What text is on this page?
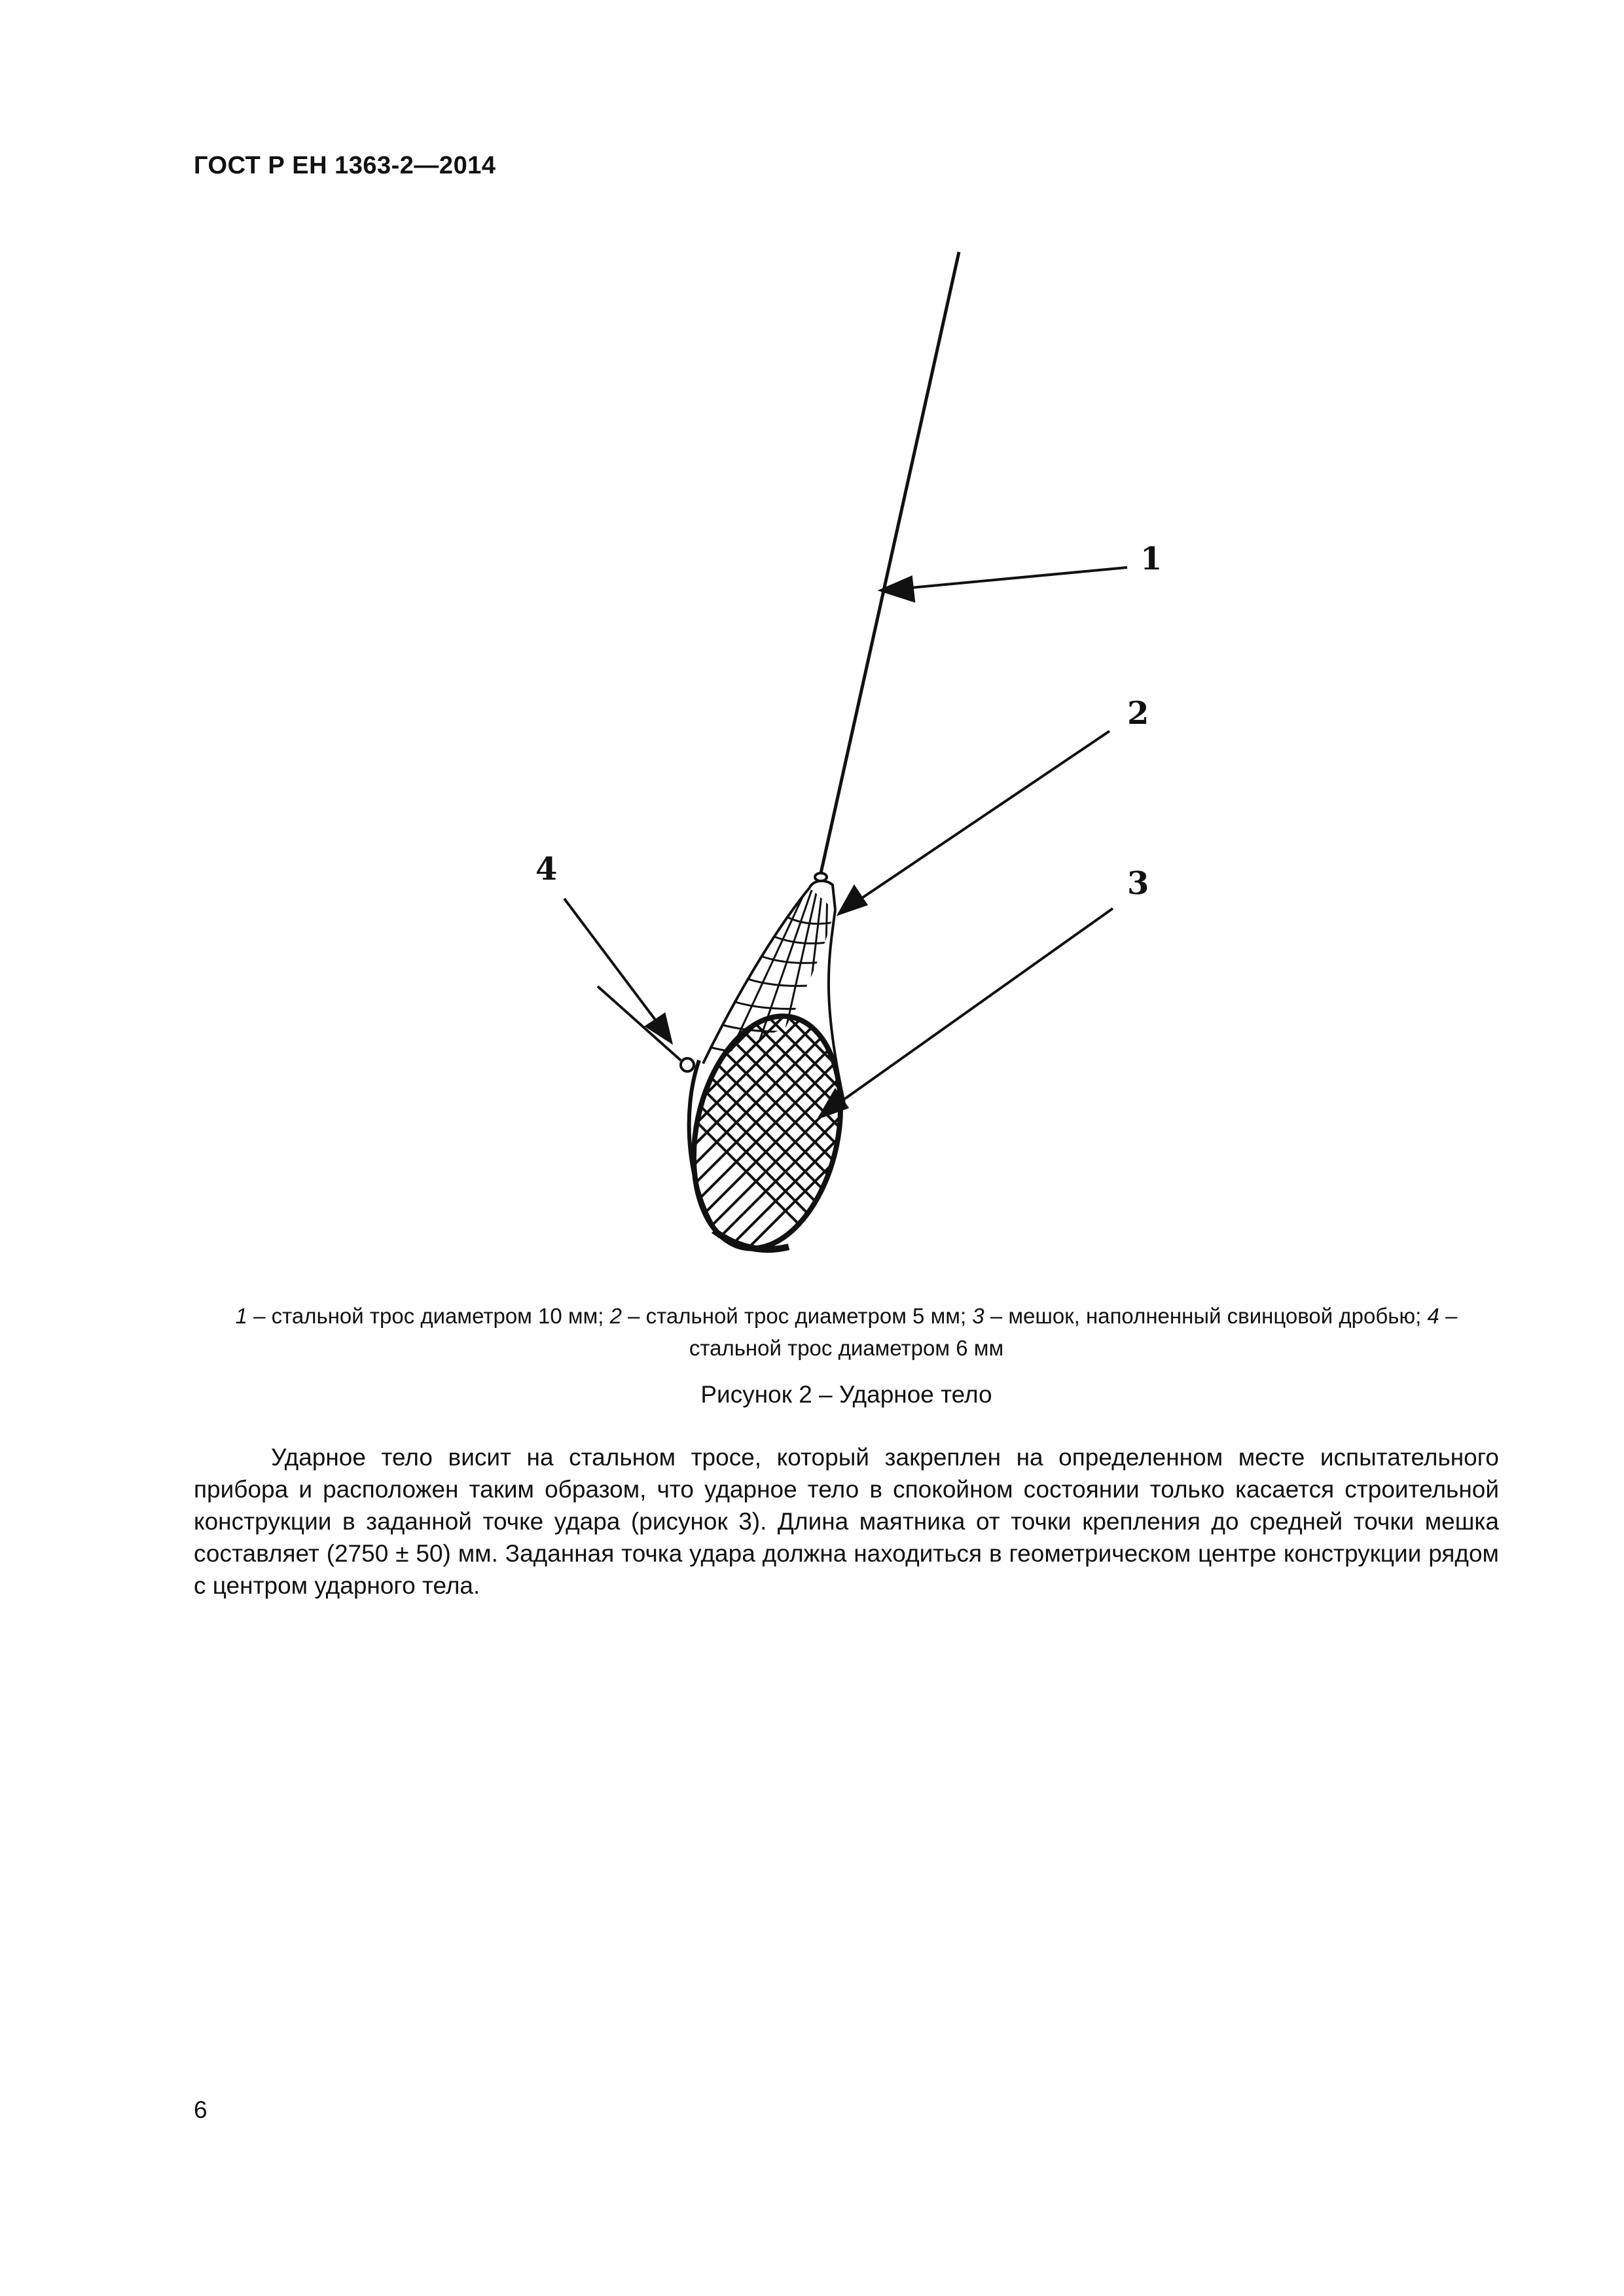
ГОСТ Р ЕН 1363-2—2014
1
2
3
4
1 – стальной трос диаметром 10 мм; 2 – стальной трос диаметром 5 мм; 3 – мешок, наполненный свинцовой дробью; 4 – стальной трос диаметром 6 мм
Рисунок 2 – Ударное тело

Ударное тело висит на стальном тросе, который закреплен на определенном месте испытательного прибора и расположен таким образом, что ударное тело в спокойном состоянии только касается строительной конструкции в заданной точке удара (рисунок 3). Длина маятника от точки крепления до средней точки мешка составляет (2750 ± 50) мм. Заданная точка удара должна находиться в геометрическом центре конструкции рядом с центром ударного тела.

6
